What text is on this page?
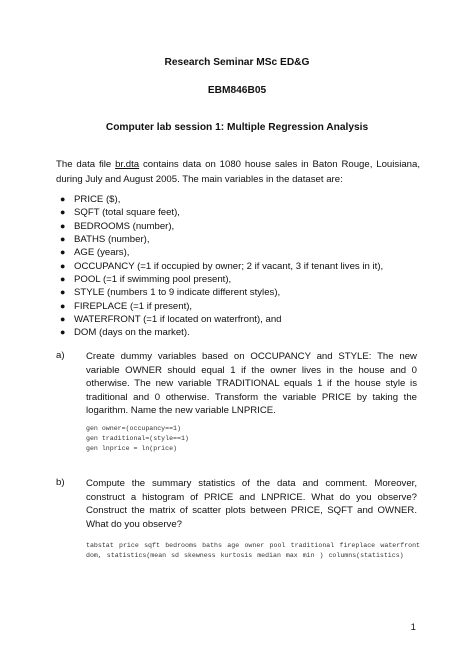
Research Seminar MSc ED&G
EBM846B05
Computer lab session 1: Multiple Regression Analysis
The data file br.dta contains data on 1080 house sales in Baton Rouge, Louisiana, during July and August 2005. The main variables in the dataset are:
● PRICE ($),
● SQFT (total square feet),
● BEDROOMS (number),
● BATHS (number),
● AGE (years),
● OCCUPANCY (=1 if occupied by owner; 2 if vacant, 3 if tenant lives in it),
● POOL (=1 if swimming pool present),
● STYLE (numbers 1 to 9 indicate different styles),
● FIREPLACE (=1 if present),
● WATERFRONT (=1 if located on waterfront), and
● DOM (days on the market).
a) Create dummy variables based on OCCUPANCY and STYLE: The new variable OWNER should equal 1 if the owner lives in the house and 0 otherwise. The new variable TRADITIONAL equals 1 if the house style is traditional and 0 otherwise. Transform the variable PRICE by taking the logarithm. Name the new variable LNPRICE.
gen owner=(occupancy==1)
gen traditional=(style==1)
gen lnprice = ln(price)
b) Compute the summary statistics of the data and comment. Moreover, construct a histogram of PRICE and LNPRICE. What do you observe? Construct the matrix of scatter plots between PRICE, SQFT and OWNER. What do you observe?
tabstat price sqft bedrooms baths age owner pool traditional fireplace waterfront dom, statistics(mean sd skewness kurtosis median max min ) columns(statistics)
1
